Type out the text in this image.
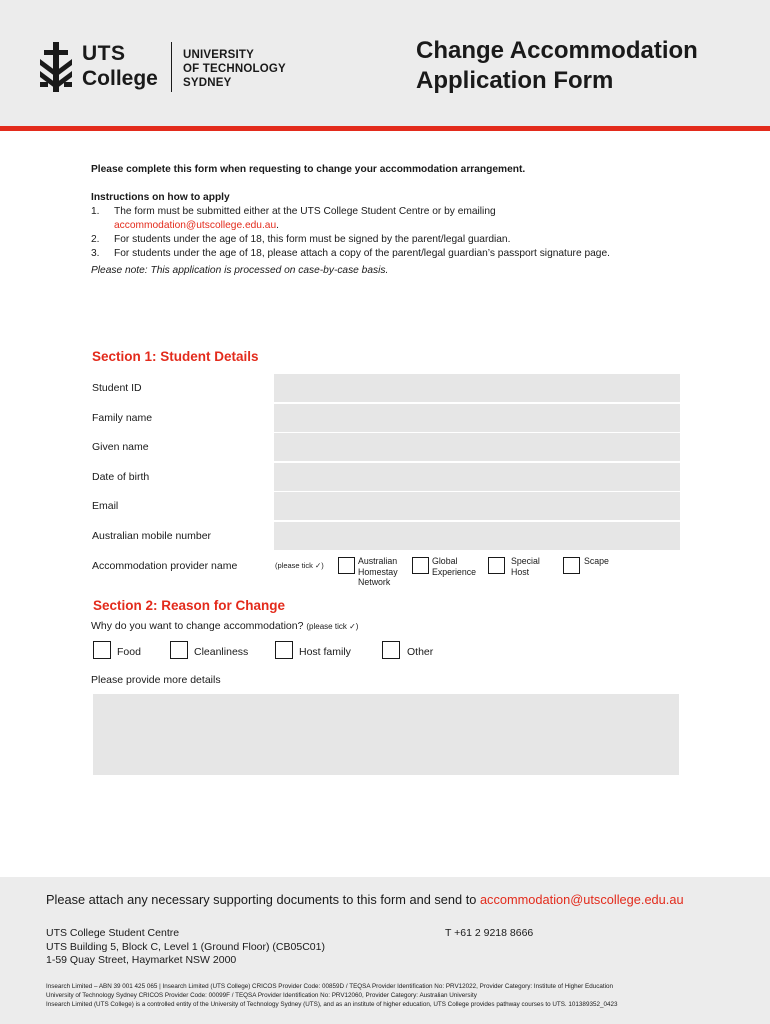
UTS
College
UNIVERSITY
OF TECHNOLOGY
SYDNEY
Change Accommodation
Application Form
Please complete this form when requesting to change your accommodation arrangement.
Instructions on how to apply
1. The form must be submitted either at the UTS College Student Centre or by emailing
accommodation@utscollege.edu.au.
2. For students under the age of 18, this form must be signed by the parent/legal guardian.
3. For students under the age of 18, please attach a copy of the parent/legal guardian’s passport signature page.
Please note: This application is processed on case-by-case basis.
Section 1: Student Details
Student ID
Family name
Given name
Date of birth
Email
Australian mobile number
Accommodation provider name	(please tick ✓)	Australian Homestay Network
Global Experience
Special Host
Scape
Section 2: Reason for Change
Why do you want to change accommodation? (please tick ✓)
Food	Cleanliness	Host family	Other
Please provide more details
Please attach any necessary supporting documents to this form and send to accommodation@utscollege.edu.au
UTS College Student Centre
UTS Building 5, Block C, Level 1 (Ground Floor) (CB05C01)
1-59 Quay Street, Haymarket NSW 2000
T +61 2 9218 8666
Insearch Limited – ABN 39 001 425 065 | Insearch Limited (UTS College) CRICOS Provider Code: 00859D / TEQSA Provider Identification No: PRV12022, Provider Category: Institute of Higher Education
University of Technology Sydney CRICOS Provider Code: 00099F / TEQSA Provider Identification No: PRV12060, Provider Category: Australian University
Insearch Limited (UTS College) is a controlled entity of the University of Technology Sydney (UTS), and as an institute of higher education, UTS College provides pathway courses to UTS. 101389352_0423
